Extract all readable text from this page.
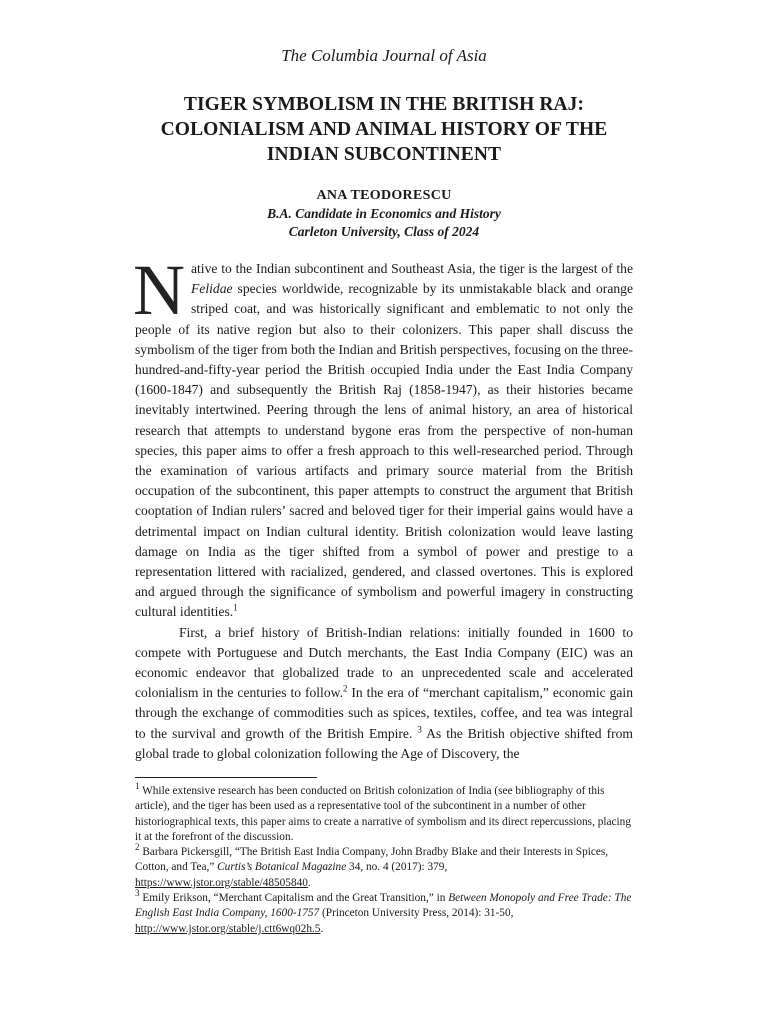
The Columbia Journal of Asia

TIGER SYMBOLISM IN THE BRITISH RAJ:
COLONIALISM AND ANIMAL HISTORY OF THE
INDIAN SUBCONTINENT

ANA TEODORESCU

B.A. Candidate in Economics and History

Carleton University, Class of 2024

Native to the Indian subcontinent and Southeast Asia, the tiger is the largest of the Felidae species worldwide, recognizable by its unmistakable black and orange striped coat, and was historically significant and emblematic to not only the people of its native region but also to their colonizers. This paper shall discuss the symbolism of the tiger from both the Indian and British perspectives, focusing on the three-hundred-and-fifty-year period the British occupied India under the East India Company (1600-1847) and subsequently the British Raj (1858-1947), as their histories became inevitably intertwined. Peering through the lens of animal history, an area of historical research that attempts to understand bygone eras from the perspective of non-human species, this paper aims to offer a fresh approach to this well-researched period. Through the examination of various artifacts and primary source material from the British occupation of the subcontinent, this paper attempts to construct the argument that British cooptation of Indian rulers’ sacred and beloved tiger for their imperial gains would have a detrimental impact on Indian cultural identity. British colonization would leave lasting damage on India as the tiger shifted from a symbol of power and prestige to a representation littered with racialized, gendered, and classed overtones. This is explored and argued through the significance of symbolism and powerful imagery in constructing cultural identities.$^1$

First, a brief history of British-Indian relations: initially founded in 1600 to compete with Portuguese and Dutch merchants, the East India Company (EIC) was an economic endeavor that globalized trade to an unprecedented scale and accelerated colonialism in the centuries to follow.$^2$ In the era of “merchant capitalism,” economic gain through the exchange of commodities such as spices, textiles, coffee, and tea was integral to the survival and growth of the British Empire. $^3$ As the British objective shifted from global trade to global colonization following the Age of Discovery, the

$^1$ While extensive research has been conducted on British colonization of India (see bibliography of this article), and the tiger has been used as a representative tool of the subcontinent in a number of other historiographical texts, this paper aims to create a narrative of symbolism and its direct repercussions, placing it at the forefront of the discussion.

$^2$ Barbara Pickersgill, “The British East India Company, John Bradby Blake and their Interests in Spices, Cotton, and Tea,” Curtis’s Botanical Magazine 34, no. 4 (2017): 379,
https://www.jstor.org/stable/48505840.

$^3$ Emily Erikson, “Merchant Capitalism and the Great Transition,” in Between Monopoly and Free Trade: The English East India Company, 1600-1757 (Princeton University Press, 2014): 31-50,
http://www.jstor.org/stable/j.ctt6wq02h.5.
